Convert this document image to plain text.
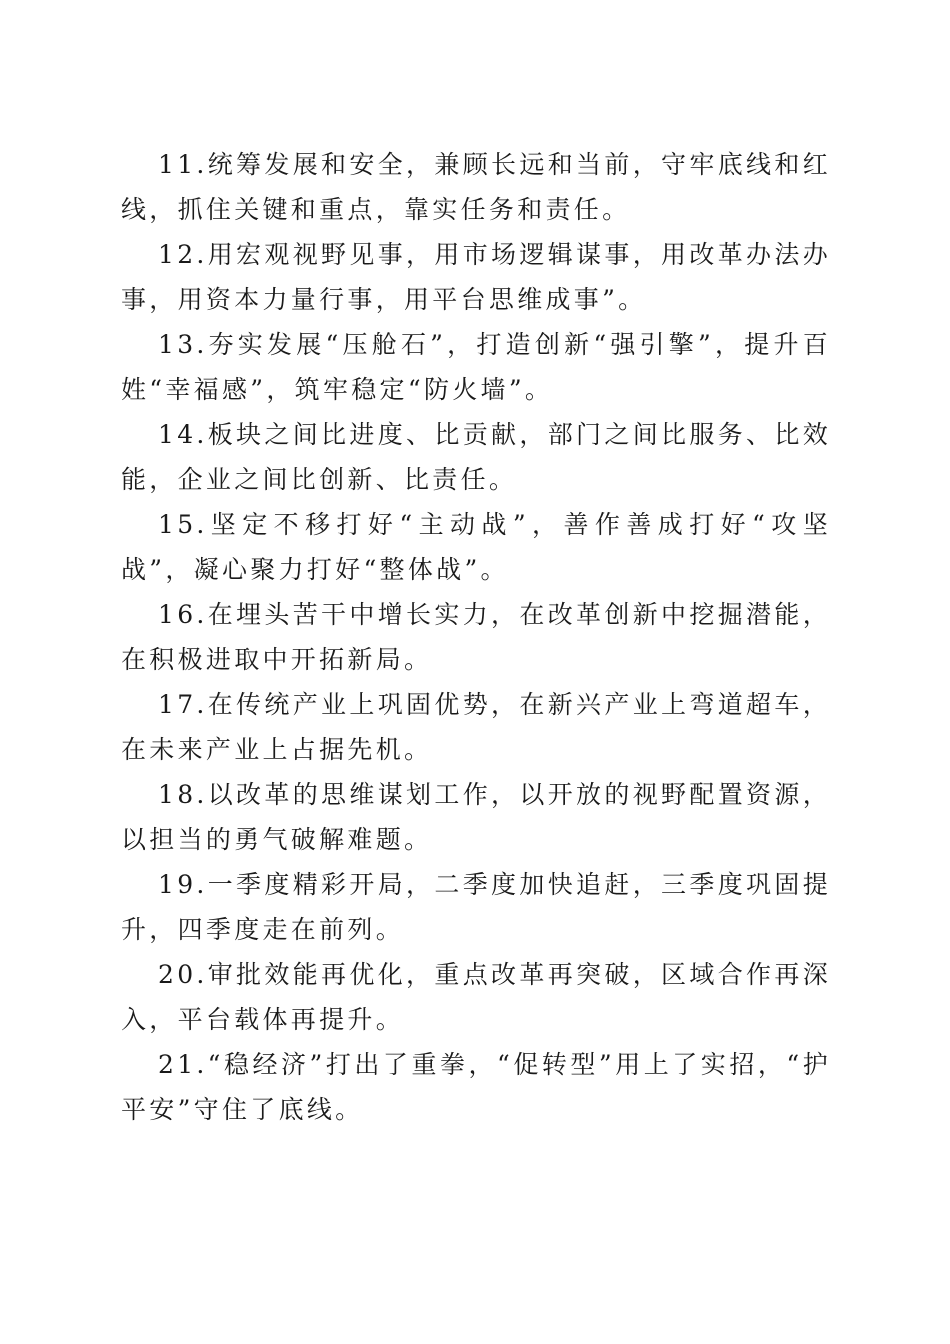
11.统筹发展和安全，兼顾长远和当前，守牢底线和红线，抓住关键和重点，靠实任务和责任。

12.用宏观视野见事，用市场逻辑谋事，用改革办法办事，用资本力量行事，用平台思维成事”。

13.夯实发展“压舱石”，打造创新“强引擎”，提升百姓“幸福感”，筑牢稳定“防火墙”。

14.板块之间比进度、比贡献，部门之间比服务、比效能，企业之间比创新、比责任。

15.坚定不移打好“主动战”，善作善成打好“攻坚战”，凝心聚力打好“整体战”。

16.在埋头苦干中增长实力，在改革创新中挖掘潜能，在积极进取中开拓新局。

17.在传统产业上巩固优势，在新兴产业上弯道超车，在未来产业上占据先机。

18.以改革的思维谋划工作，以开放的视野配置资源，以担当的勇气破解难题。

19.一季度精彩开局，二季度加快追赶，三季度巩固提升，四季度走在前列。

20.审批效能再优化，重点改革再突破，区域合作再深入，平台载体再提升。

21.“稳经济”打出了重拳，“促转型”用上了实招，“护平安”守住了底线。
